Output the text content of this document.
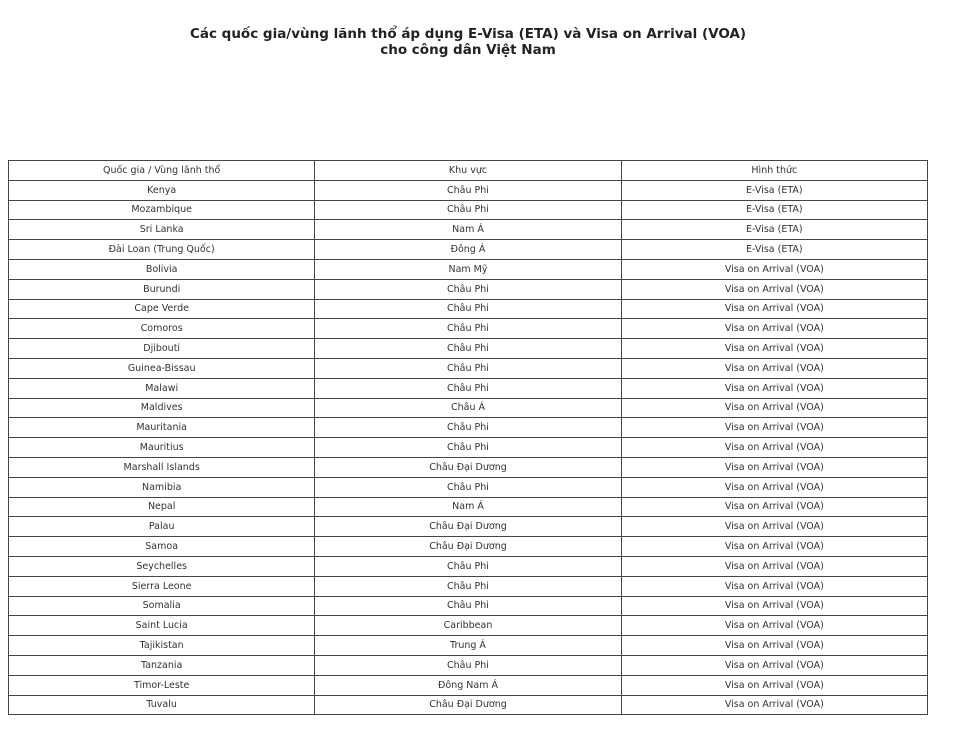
Các quốc gia/vùng lãnh thổ áp dụng E-Visa (ETA) và Visa on Arrival (VOA)
cho công dân Việt Nam
Quốc gia / Vùng lãnh thổ	Khu vực	Hình thức
Kenya	Châu Phi	E-Visa (ETA)
Mozambique	Châu Phi	E-Visa (ETA)
Sri Lanka	Nam Á	E-Visa (ETA)
Đài Loan (Trung Quốc)	Đông Á	E-Visa (ETA)
Bolivia	Nam Mỹ	Visa on Arrival (VOA)
Burundi	Châu Phi	Visa on Arrival (VOA)
Cape Verde	Châu Phi	Visa on Arrival (VOA)
Comoros	Châu Phi	Visa on Arrival (VOA)
Djibouti	Châu Phi	Visa on Arrival (VOA)
Guinea-Bissau	Châu Phi	Visa on Arrival (VOA)
Malawi	Châu Phi	Visa on Arrival (VOA)
Maldives	Châu Á	Visa on Arrival (VOA)
Mauritania	Châu Phi	Visa on Arrival (VOA)
Mauritius	Châu Phi	Visa on Arrival (VOA)
Marshall Islands	Châu Đại Dương	Visa on Arrival (VOA)
Namibia	Châu Phi	Visa on Arrival (VOA)
Nepal	Nam Á	Visa on Arrival (VOA)
Palau	Châu Đại Dương	Visa on Arrival (VOA)
Samoa	Châu Đại Dương	Visa on Arrival (VOA)
Seychelles	Châu Phi	Visa on Arrival (VOA)
Sierra Leone	Châu Phi	Visa on Arrival (VOA)
Somalia	Châu Phi	Visa on Arrival (VOA)
Saint Lucia	Caribbean	Visa on Arrival (VOA)
Tajikistan	Trung Á	Visa on Arrival (VOA)
Tanzania	Châu Phi	Visa on Arrival (VOA)
Timor-Leste	Đông Nam Á	Visa on Arrival (VOA)
Tuvalu	Châu Đại Dương	Visa on Arrival (VOA)
